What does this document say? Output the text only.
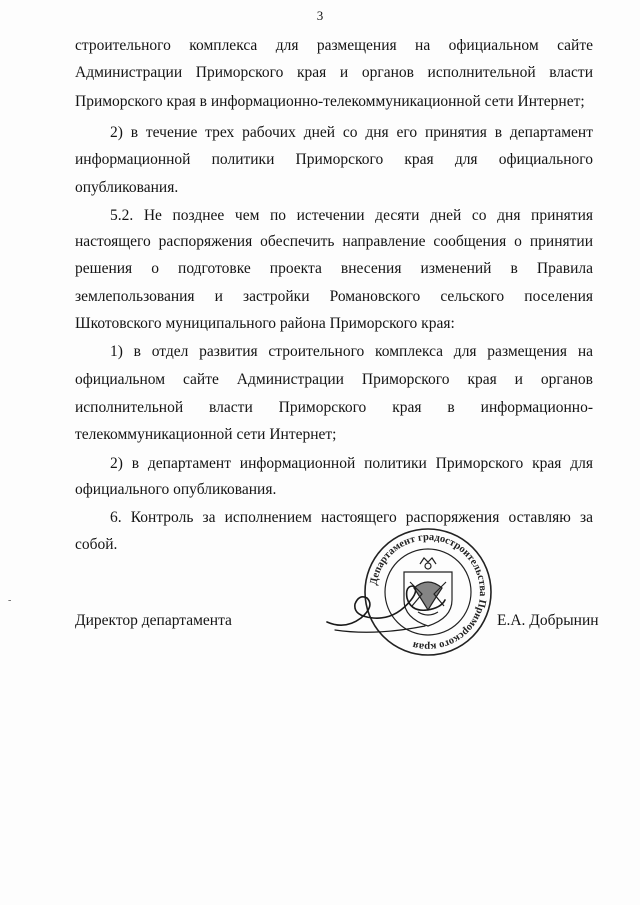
3
строительного комплекса для размещения на официальном сайте
Администрации Приморского края и органов исполнительной власти
Приморского края в информационно-телекоммуникационной сети Интернет;
2) в течение трех рабочих дней со дня его принятия в департамент
информационной политики Приморского края для официального
опубликования.
5.2. Не позднее чем по истечении десяти дней со дня принятия
настоящего распоряжения обеспечить направление сообщения о принятии
решения о подготовке проекта внесения изменений в Правила
землепользования и застройки Романовского сельского поселения
Шкотовского муниципального района Приморского края:
1) в отдел развития строительного комплекса для размещения на
официальном сайте Администрации Приморского края и органов
исполнительной власти Приморского края в информационно-
телекоммуникационной сети Интернет;
2) в департамент информационной политики Приморского края для
официального опубликования.
6. Контроль за исполнением настоящего распоряжения оставляю за
собой.
-
Директор департамента
Департамент градостроительства Приморского края
Е.А. Добрынин
